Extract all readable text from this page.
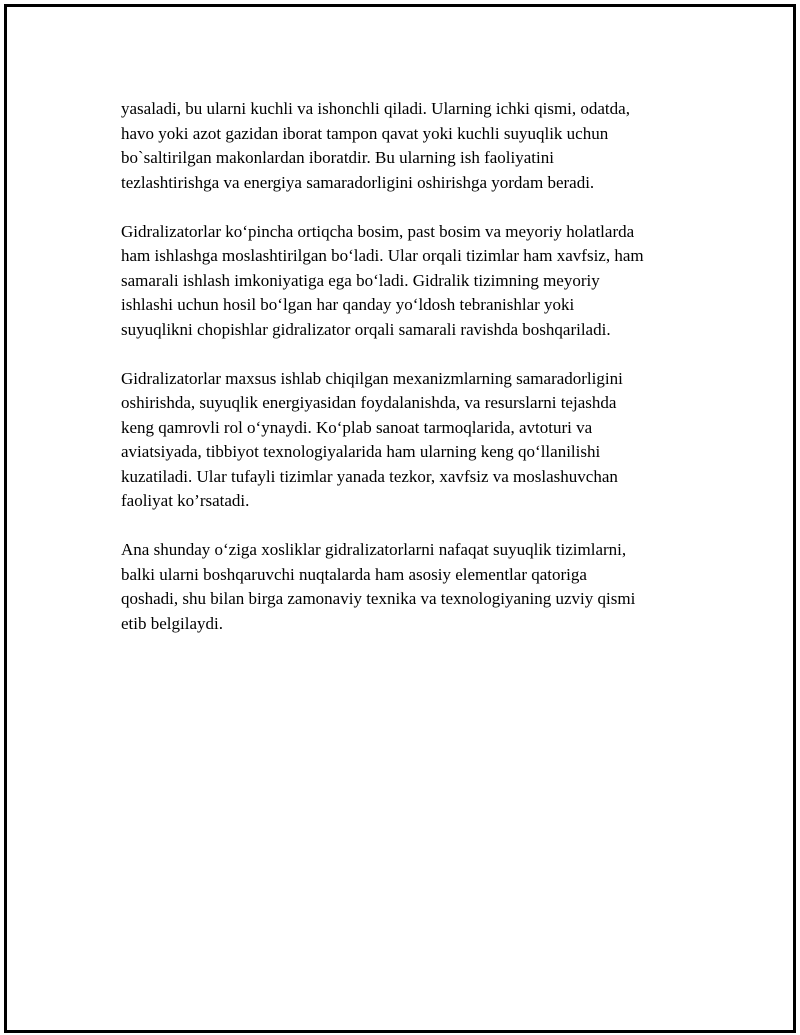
yasaladi, bu ularni kuchli va ishonchli qiladi. Ularning ichki qismi, odatda,
havo yoki azot gazidan iborat tampon qavat yoki kuchli suyuqlik uchun
bo`saltirilgan makonlardan iboratdir. Bu ularning ish faoliyatini
tezlashtirishga va energiya samaradorligini oshirishga yordam beradi.

Gidralizatorlar ko‘pincha ortiqcha bosim, past bosim va meyoriy holatlarda
ham ishlashga moslashtirilgan bo‘ladi. Ular orqali tizimlar ham xavfsiz, ham
samarali ishlash imkoniyatiga ega bo‘ladi. Gidralik tizimning meyoriy
ishlashi uchun hosil bo‘lgan har qanday yo‘ldosh tebranishlar yoki
suyuqlikni chopishlar gidralizator orqali samarali ravishda boshqariladi.

Gidralizatorlar maxsus ishlab chiqilgan mexanizmlarning samaradorligini
oshirishda, suyuqlik energiyasidan foydalanishda, va resurslarni tejashda
keng qamrovli rol o‘ynaydi. Ko‘plab sanoat tarmoqlarida, avtoturi va
aviatsiyada, tibbiyot texnologiyalarida ham ularning keng qo‘llanilishi
kuzatiladi. Ular tufayli tizimlar yanada tezkor, xavfsiz va moslashuvchan
faoliyat ko’rsatadi.

Ana shunday o‘ziga xosliklar gidralizatorlarni nafaqat suyuqlik tizimlarni,
balki ularni boshqaruvchi nuqtalarda ham asosiy elementlar qatoriga
qoshadi, shu bilan birga zamonaviy texnika va texnologiyaning uzviy qismi
etib belgilaydi.
